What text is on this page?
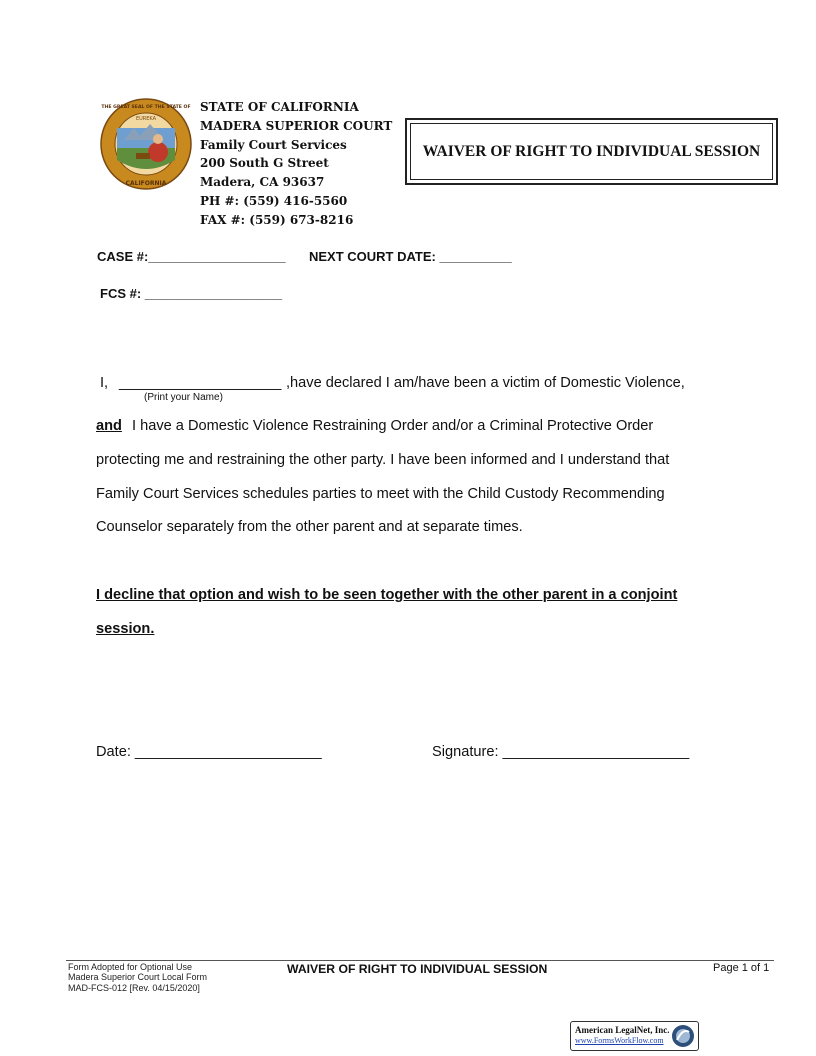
EUREKA
THE GREAT SEAL OF THE STATE OF
CALIFORNIA
STATE OF CALIFORNIA
MADERA SUPERIOR COURT
Family Court Services
200 South G Street
Madera, CA 93637
PH #: (559) 416-5560
FAX #: (559) 673-8216
WAIVER OF RIGHT TO INDIVIDUAL SESSION
CASE #:___________________ NEXT COURT DATE: __________
FCS #: ___________________
I, ____________________ ,have declared I am/have been a victim of Domestic Violence,
(Print your Name)
and I have a Domestic Violence Restraining Order and/or a Criminal Protective Order
protecting me and restraining the other party. I have been informed and I understand that
Family Court Services schedules parties to meet with the Child Custody Recommending
Counselor separately from the other parent and at separate times.
I decline that option and wish to be seen together with the other parent in a conjoint
session.
Date: _______________________	Signature: _______________________
Form Adopted for Optional Use
Madera Superior Court Local Form
MAD-FCS-012 [Rev. 04/15/2020]
WAIVER OF RIGHT TO INDIVIDUAL SESSION	Page 1 of 1
American LegalNet, Inc.
www.FormsWorkFlow.com
